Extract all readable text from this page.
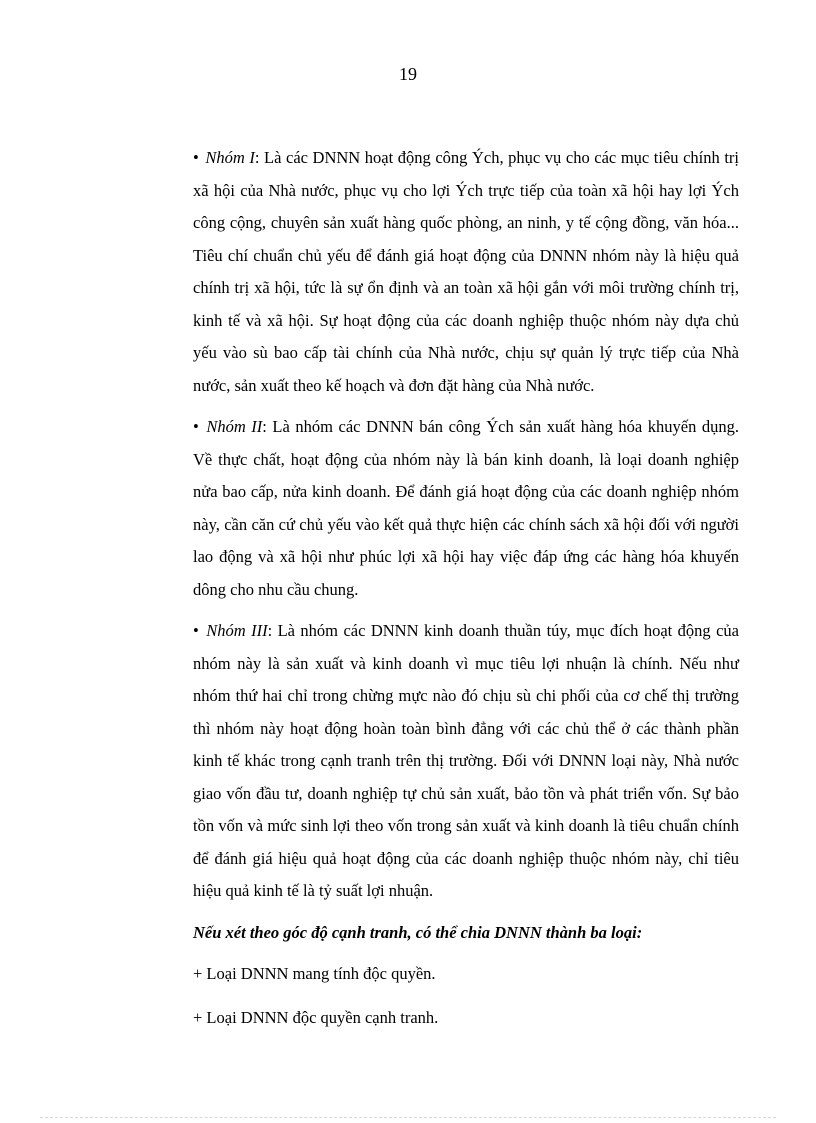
19

• Nhóm I: Là các DNNN hoạt động công Ých, phục vụ cho các mục tiêu chính trị xã hội của Nhà nước, phục vụ cho lợi Ých trực tiếp của toàn xã hội hay lợi Ých công cộng, chuyên sản xuất hàng quốc phòng, an ninh, y tế cộng đồng, văn hóa... Tiêu chí chuẩn chủ yếu để đánh giá hoạt động của DNNN nhóm này là hiệu quả chính trị xã hội, tức là sự ổn định và an toàn xã hội gắn với môi trường chính trị, kinh tế và xã hội. Sự hoạt động của các doanh nghiệp thuộc nhóm này dựa chủ yếu vào sù bao cấp tài chính của Nhà nước, chịu sự quản lý trực tiếp của Nhà nước, sản xuất theo kế hoạch và đơn đặt hàng của Nhà nước.

• Nhóm II: Là nhóm các DNNN bán công Ých sản xuất hàng hóa khuyến dụng. Về thực chất, hoạt động của nhóm này là bán kinh doanh, là loại doanh nghiệp nửa bao cấp, nửa kinh doanh. Để đánh giá hoạt động của các doanh nghiệp nhóm này, cần căn cứ chủ yếu vào kết quả thực hiện các chính sách xã hội đối với người lao động và xã hội như phúc lợi xã hội hay việc đáp ứng các hàng hóa khuyến dông cho nhu cầu chung.

• Nhóm III: Là nhóm các DNNN kinh doanh thuần túy, mục đích hoạt động của nhóm này là sản xuất và kinh doanh vì mục tiêu lợi nhuận là chính. Nếu như nhóm thứ hai chỉ trong chừng mực nào đó chịu sù chi phối của cơ chế thị trường thì nhóm này hoạt động hoàn toàn bình đẳng với các chủ thể ở các thành phần kinh tế khác trong cạnh tranh trên thị trường. Đối với DNNN loại này, Nhà nước giao vốn đầu tư, doanh nghiệp tự chủ sản xuất, bảo tồn và phát triển vốn. Sự bảo tồn vốn và mức sinh lợi theo vốn trong sản xuất và kinh doanh là tiêu chuẩn chính để đánh giá hiệu quả hoạt động của các doanh nghiệp thuộc nhóm này, chỉ tiêu hiệu quả kinh tế là tỷ suất lợi nhuận.

Nếu xét theo góc độ cạnh tranh, có thể chia DNNN thành ba loại:

+ Loại DNNN mang tính độc quyền.

+ Loại DNNN độc quyền cạnh tranh.
